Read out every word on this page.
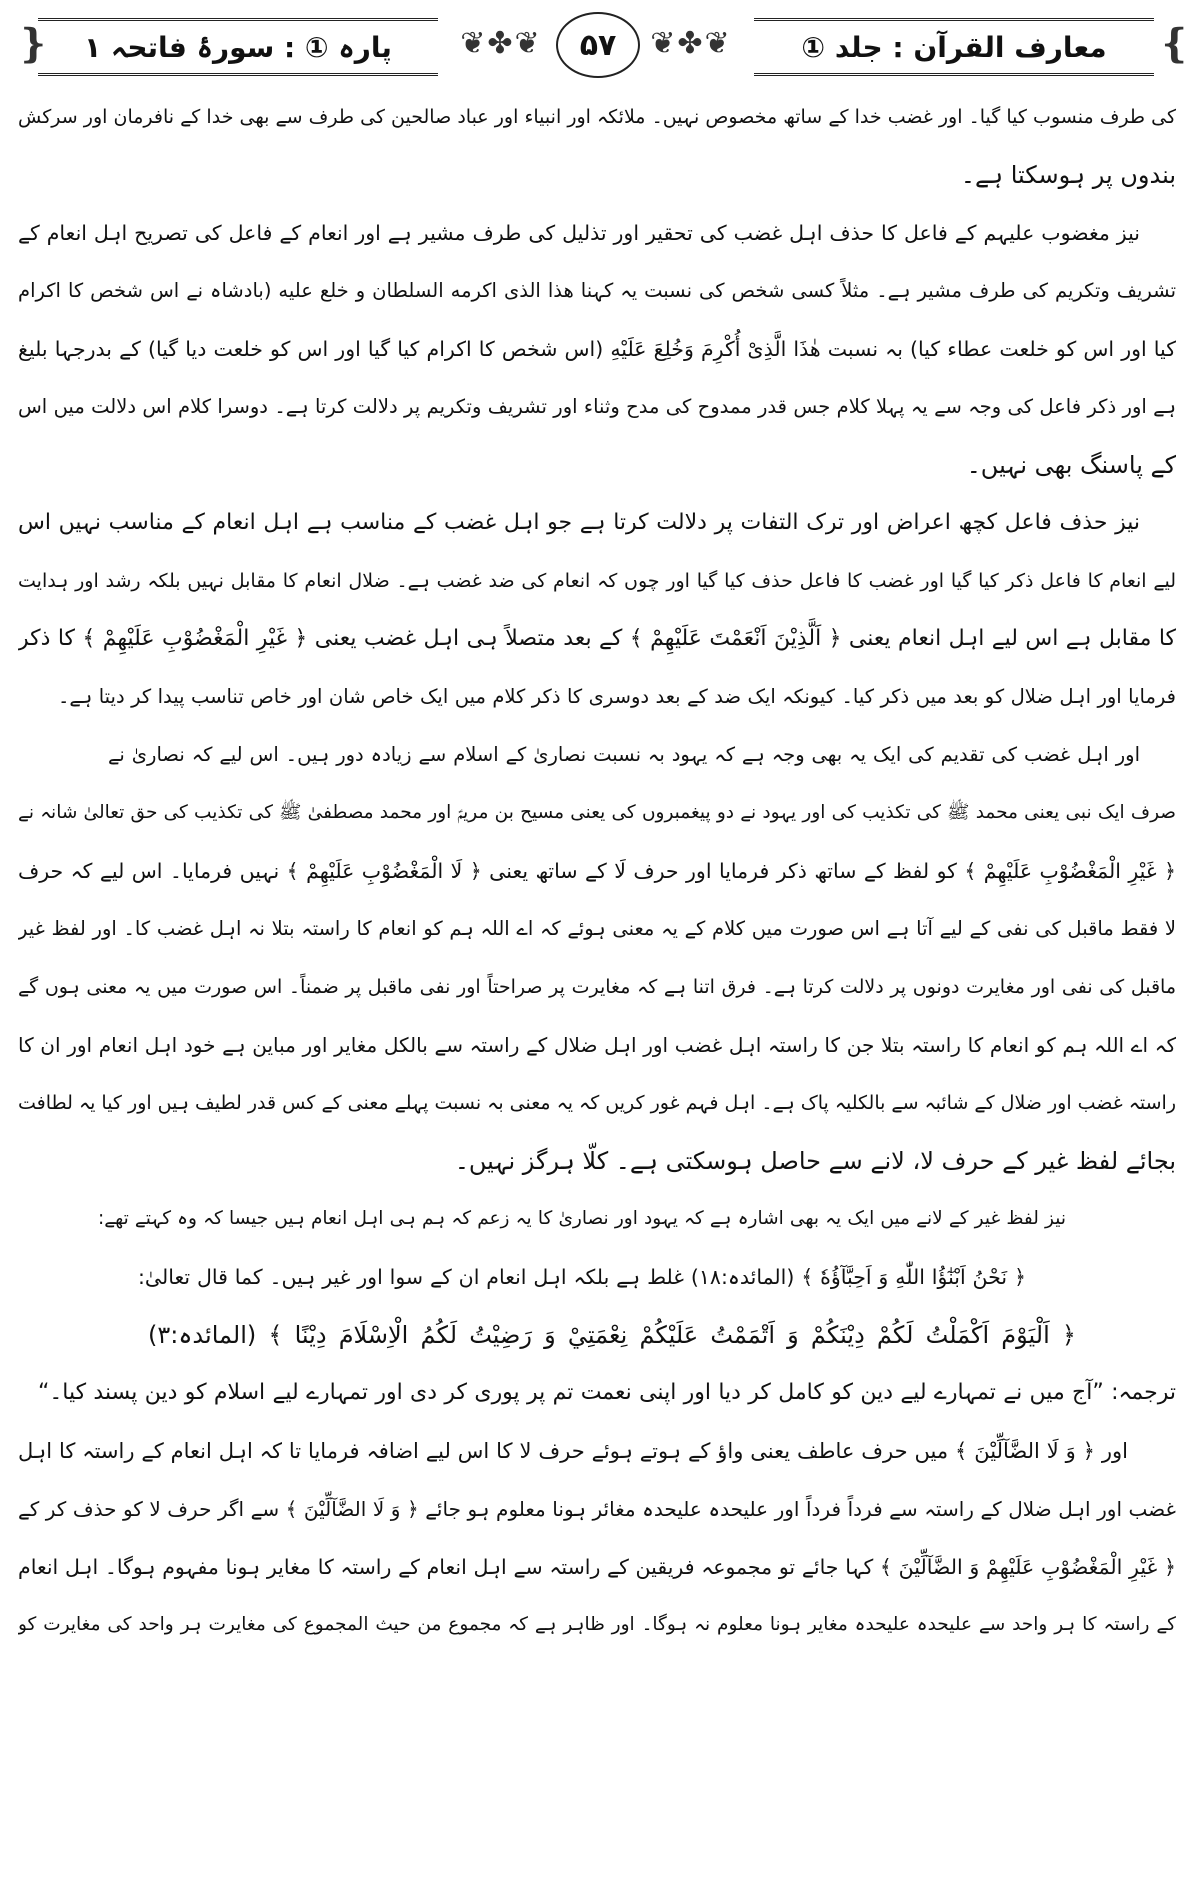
❴
معارف القرآن : جلد ①
❦✤❦
۵۷
❦✤❦
پارہ ① : سورۂ فاتحہ ۱
❵
کی طرف منسوب کیا گیا۔ اور غضب خدا کے ساتھ مخصوص نہیں۔ ملائکہ اور انبیاء اور عباد صالحین کی طرف سے بھی خدا کے نافرمان اور سرکش
بندوں پر ہوسکتا ہے۔
نیز مغضوب علیہم کے فاعل کا حذف اہل غضب کی تحقیر اور تذلیل کی طرف مشیر ہے اور انعام کے فاعل کی تصریح اہل انعام کے
تشریف وتکریم کی طرف مشیر ہے۔ مثلاً کسی شخص کی نسبت یہ کہنا هذا الذی اکرمه السلطان و خلع علیه (بادشاہ نے اس شخص کا اکرام
کیا اور اس کو خلعت عطاء کیا) بہ نسبت هٰذَا الَّذِیْ أُكْرِمَ وَخُلِعَ عَلَيْهِ (اس شخص کا اکرام کیا گیا اور اس کو خلعت دیا گیا) کے بدرجہا بلیغ
ہے اور ذکر فاعل کی وجہ سے یہ پہلا کلام جس قدر ممدوح کی مدح وثناء اور تشریف وتکریم پر دلالت کرتا ہے۔ دوسرا کلام اس دلالت میں اس
کے پاسنگ بھی نہیں۔
نیز حذف فاعل کچھ اعراض اور ترک التفات پر دلالت کرتا ہے جو اہل غضب کے مناسب ہے اہل انعام کے مناسب نہیں اس
لیے انعام کا فاعل ذکر کیا گیا اور غضب کا فاعل حذف کیا گیا اور چوں کہ انعام کی ضد غضب ہے۔ ضلال انعام کا مقابل نہیں بلکہ رشد اور ہدایت
کا مقابل ہے اس لیے اہل انعام یعنی ﴿ اَلَّذِيْنَ اَنْعَمْتَ عَلَيْهِمْ ﴾ کے بعد متصلاً ہی اہل غضب یعنی ﴿ غَيْرِ الْمَغْضُوْبِ عَلَيْهِمْ ﴾ کا ذکر
فرمایا اور اہل ضلال کو بعد میں ذکر کیا۔ کیونکہ ایک ضد کے بعد دوسری کا ذکر کلام میں ایک خاص شان اور خاص تناسب پیدا کر دیتا ہے۔
اور اہل غضب کی تقدیم کی ایک یہ بھی وجہ ہے کہ یہود بہ نسبت نصاریٰ کے اسلام سے زیادہ دور ہیں۔ اس لیے کہ نصاریٰ نے
صرف ایک نبی یعنی محمد ﷺ کی تکذیب کی اور یہود نے دو پیغمبروں کی یعنی مسیح بن مریمؑ اور محمد مصطفیٰ ﷺ کی تکذیب کی حق تعالیٰ شانہ نے
﴿ غَيْرِ الْمَغْضُوْبِ عَلَيْهِمْ ﴾ کو لفظ کے ساتھ ذکر فرمایا اور حرف لَا کے ساتھ یعنی ﴿ لَا الْمَغْضُوْبِ عَلَيْهِمْ ﴾ نہیں فرمایا۔ اس لیے کہ حرف
لا فقط ماقبل کی نفی کے لیے آتا ہے اس صورت میں کلام کے یہ معنی ہوئے کہ اے اللہ ہم کو انعام کا راستہ بتلا نہ اہل غضب کا۔ اور لفظ غیر
ماقبل کی نفی اور مغایرت دونوں پر دلالت کرتا ہے۔ فرق اتنا ہے کہ مغایرت پر صراحتاً اور نفی ماقبل پر ضمناً۔ اس صورت میں یہ معنی ہوں گے
کہ اے اللہ ہم کو انعام کا راستہ بتلا جن کا راستہ اہل غضب اور اہل ضلال کے راستہ سے بالکل مغایر اور مباین ہے خود اہل انعام اور ان کا
راستہ غضب اور ضلال کے شائبہ سے بالکلیہ پاک ہے۔ اہل فہم غور کریں کہ یہ معنی بہ نسبت پہلے معنی کے کس قدر لطیف ہیں اور کیا یہ لطافت
بجائے لفظ غیر کے حرف لا، لانے سے حاصل ہوسکتی ہے۔ کلّا ہرگز نہیں۔
نیز لفظ غیر کے لانے میں ایک یہ بھی اشارہ ہے کہ یہود اور نصاریٰ کا یہ زعم کہ ہم ہی اہل انعام ہیں جیسا کہ وہ کہتے تھے:
﴿ نَحْنُ اَبْنٰٓؤُا اللّٰهِ وَ اَحِبَّآؤُهٗ ﴾ (المائدہ:۱۸) غلط ہے بلکہ اہل انعام ان کے سوا اور غیر ہیں۔ کما قال تعالیٰ:
﴿ اَلْيَوْمَ اَكْمَلْتُ لَكُمْ دِيْنَكُمْ وَ اَتْمَمْتُ عَلَيْكُمْ نِعْمَتِيْ وَ رَضِيْتُ لَكُمُ الْاِسْلَامَ دِيْنًا ﴾ (المائدہ:۳)
ترجمہ: ”آج میں نے تمہارے لیے دین کو کامل کر دیا اور اپنی نعمت تم پر پوری کر دی اور تمہارے لیے اسلام کو دین پسند کیا۔“
اور ﴿ وَ لَا الضَّآلِّيْنَ ﴾ میں حرف عاطف یعنی واؤ کے ہوتے ہوئے حرف لا کا اس لیے اضافہ فرمایا تا کہ اہل انعام کے راستہ کا اہل
غضب اور اہل ضلال کے راستہ سے فرداً فرداً اور علیحدہ علیحدہ مغائر ہونا معلوم ہو جائے ﴿ وَ لَا الضَّآلِّيْنَ ﴾ سے اگر حرف لا کو حذف کر کے
﴿ غَيْرِ الْمَغْضُوْبِ عَلَيْهِمْ وَ الضَّآلِّيْنَ ﴾ کہا جائے تو مجموعہ فریقین کے راستہ سے اہل انعام کے راستہ کا مغایر ہونا مفہوم ہوگا۔ اہل انعام
کے راستہ کا ہر واحد سے علیحدہ علیحدہ مغایر ہونا معلوم نہ ہوگا۔ اور ظاہر ہے کہ مجموع من حیث المجموع کی مغایرت ہر واحد کی مغایرت کو
